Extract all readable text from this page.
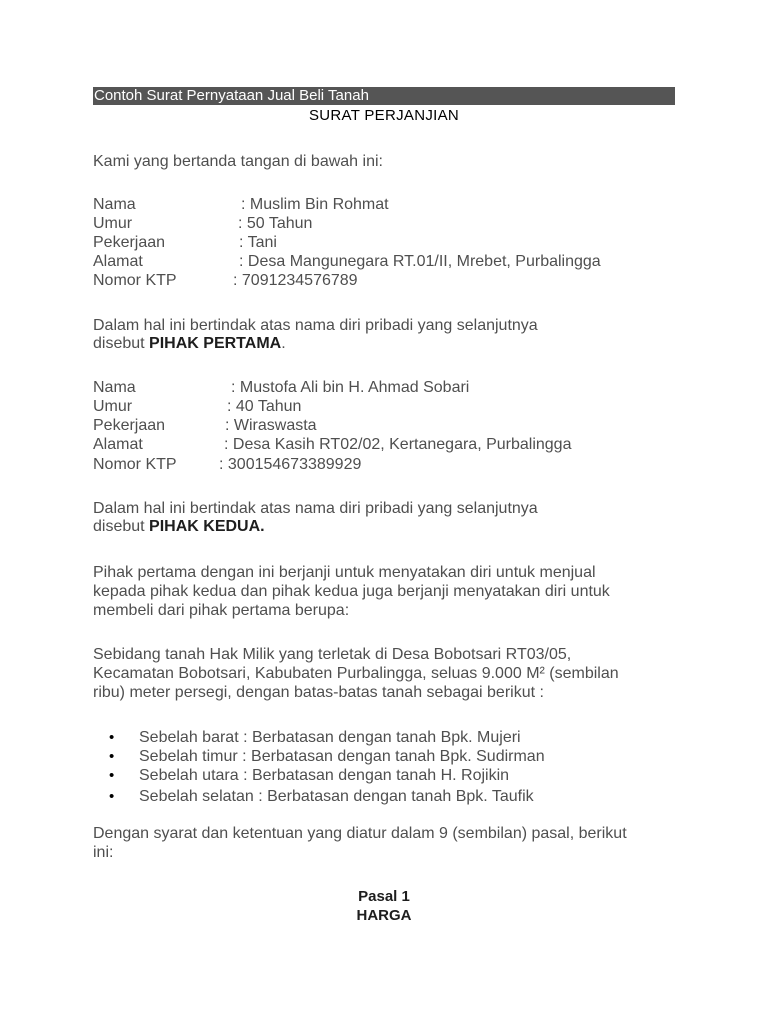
Contoh Surat Pernyataan Jual Beli Tanah
SURAT PERJANJIAN
Kami yang bertanda tangan di bawah ini:
Nama	: Muslim Bin Rohmat
Umur	: 50 Tahun
Pekerjaan	: Tani
Alamat	: Desa Mangunegara RT.01/II, Mrebet, Purbalingga
Nomor KTP	: 7091234576789
Dalam hal ini bertindak atas nama diri pribadi yang selanjutnya
disebut PIHAK PERTAMA.
Nama	: Mustofa Ali bin H. Ahmad Sobari
Umur	: 40 Tahun
Pekerjaan	: Wiraswasta
Alamat	: Desa Kasih RT02/02, Kertanegara, Purbalingga
Nomor KTP	: 300154673389929
Dalam hal ini bertindak atas nama diri pribadi yang selanjutnya
disebut PIHAK KEDUA.
Pihak pertama dengan ini berjanji untuk menyatakan diri untuk menjual
kepada pihak kedua dan pihak kedua juga berjanji menyatakan diri untuk
membeli dari pihak pertama berupa:
Sebidang tanah Hak Milik yang terletak di Desa Bobotsari RT03/05,
Kecamatan Bobotsari, Kabubaten Purbalingga, seluas 9.000 M² (sembilan
ribu) meter persegi, dengan batas-batas tanah sebagai berikut :
• Sebelah barat : Berbatasan dengan tanah Bpk. Mujeri
• Sebelah timur : Berbatasan dengan tanah Bpk. Sudirman
• Sebelah utara : Berbatasan dengan tanah H. Rojikin
• Sebelah selatan : Berbatasan dengan tanah Bpk. Taufik
Dengan syarat dan ketentuan yang diatur dalam 9 (sembilan) pasal, berikut
ini:
Pasal 1
HARGA
